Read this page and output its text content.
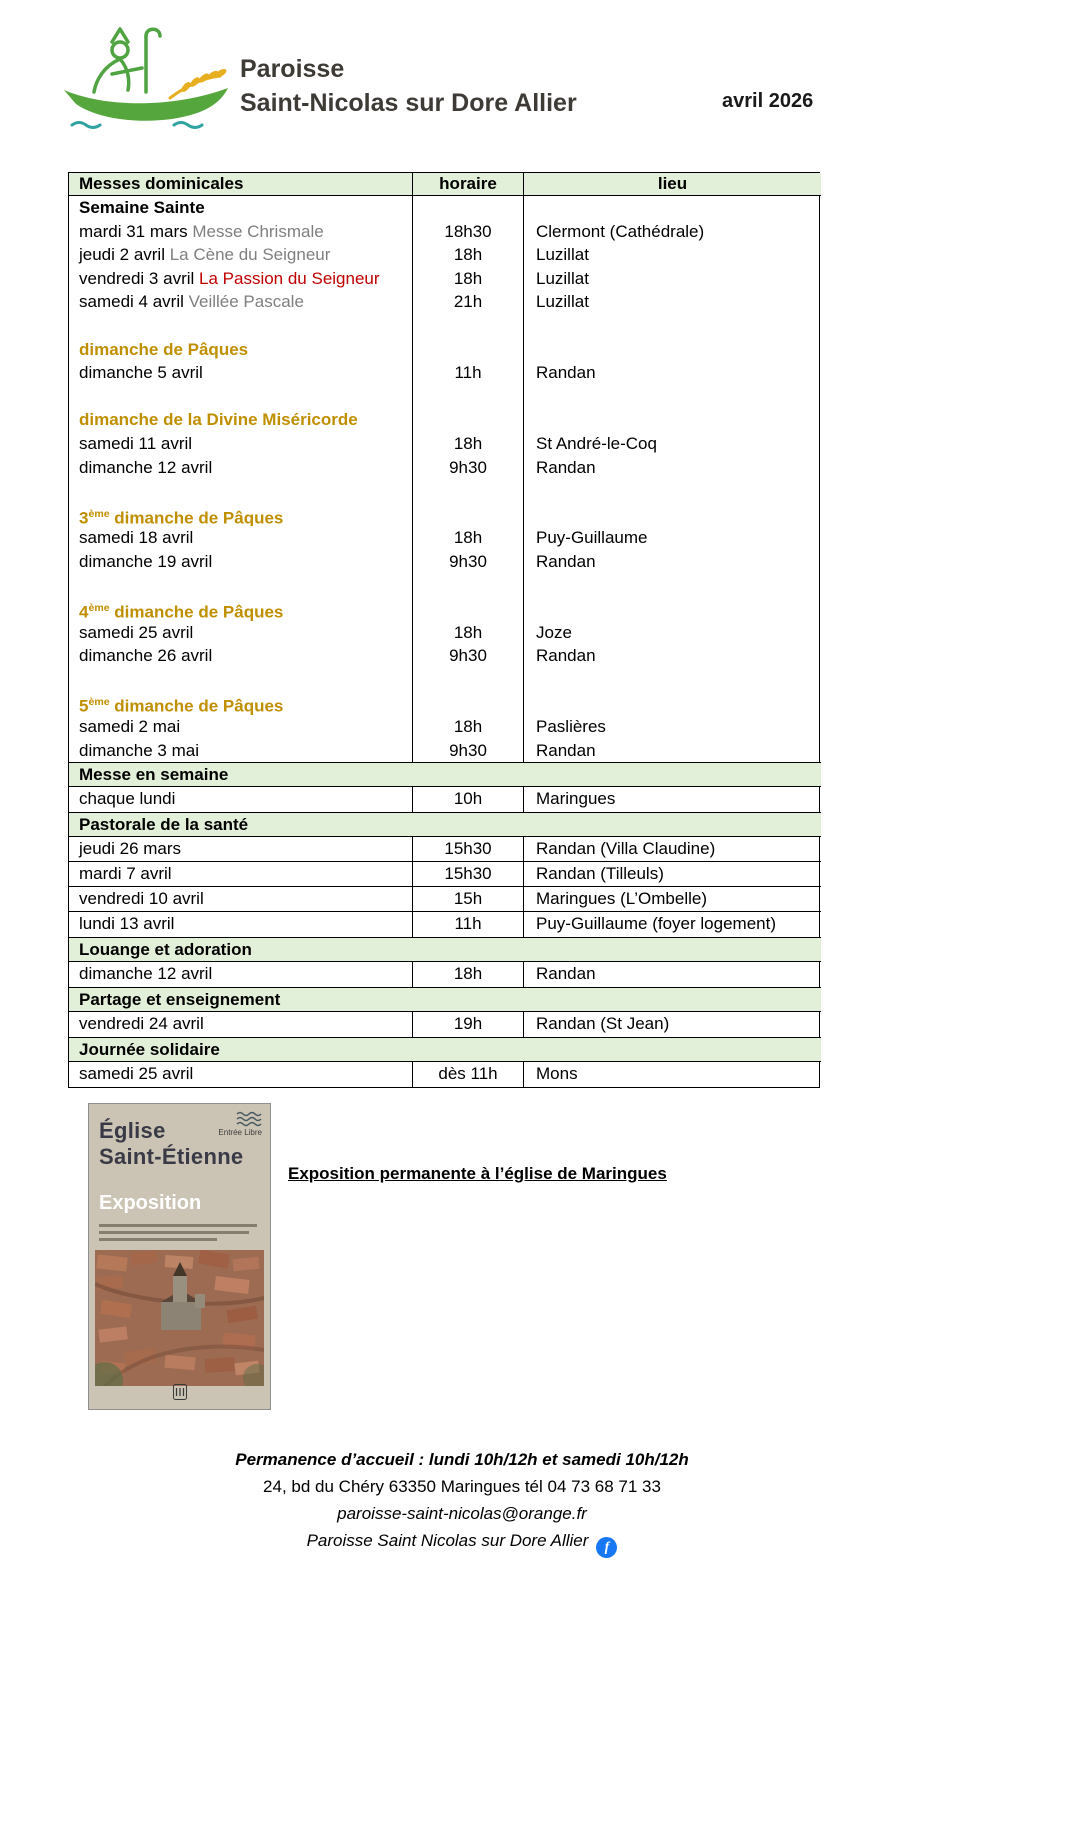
Paroisse
Saint-Nicolas sur Dore Allier	avril 2026
Messes dominicales	horaire	lieu
Semaine Sainte
mardi 31 mars Messe Chrismale	18h30	Clermont (Cathédrale)
jeudi 2 avril La Cène du Seigneur	18h	Luzillat
vendredi 3 avril La Passion du Seigneur	18h	Luzillat
samedi 4 avril Veillée Pascale	21h	Luzillat
dimanche de Pâques
dimanche 5 avril	11h	Randan
dimanche de la Divine Miséricorde
samedi 11 avril	18h	St André-le-Coq
dimanche 12 avril	9h30	Randan
3ème dimanche de Pâques
samedi 18 avril	18h	Puy-Guillaume
dimanche 19 avril	9h30	Randan
4ème dimanche de Pâques
samedi 25 avril	18h	Joze
dimanche 26 avril	9h30	Randan
5ème dimanche de Pâques
samedi 2 mai	18h	Paslières
dimanche 3 mai	9h30	Randan
Messe en semaine
chaque lundi	10h	Maringues
Pastorale de la santé
jeudi 26 mars	15h30	Randan (Villa Claudine)
mardi 7 avril	15h30	Randan (Tilleuls)
vendredi 10 avril	15h	Maringues (L’Ombelle)
lundi 13 avril	11h	Puy-Guillaume (foyer logement)
Louange et adoration
dimanche 12 avril	18h	Randan
Partage et enseignement
vendredi 24 avril	19h	Randan (St Jean)
Journée solidaire
samedi 25 avril	dès 11h	Mons
Entrée Libre
Église
Saint-Étienne
Exposition
Exposition permanente à l’église de Maringues
Permanence d’accueil : lundi 10h/12h et samedi 10h/12h
24, bd du Chéry 63350 Maringues tél 04 73 68 71 33
paroisse-saint-nicolas@orange.fr
Paroisse Saint Nicolas sur Dore Allier f
